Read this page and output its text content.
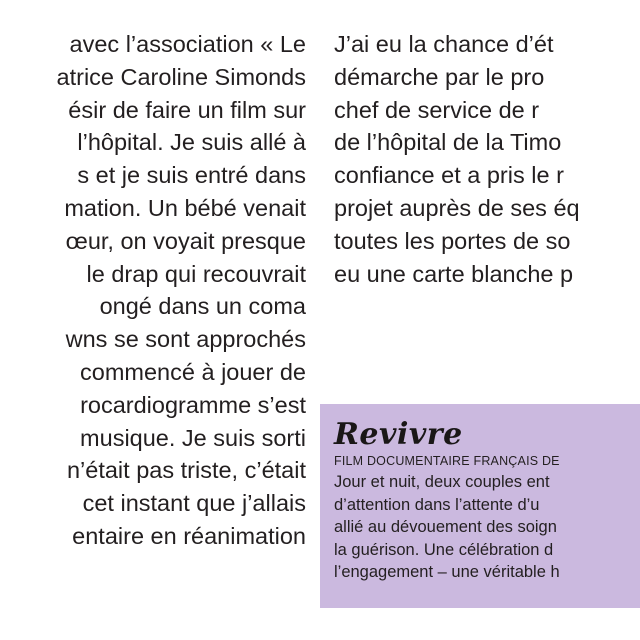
avec l’association « Le
atrice Caroline Simonds
ésir de faire un film sur
l’hôpital. Je suis allé à
s et je suis entré dans
mation. Un bébé venait
œur, on voyait presque
le drap qui recouvrait
ongé dans un coma
wns se sont approchés
commencé à jouer de
rocardiogramme s’est
musique. Je suis sorti
n’était pas triste, c’était
cet instant que j’allais
entaire en réanimation
J’ai eu la chance d’ét
démarche par le pro
chef de service de r
de l’hôpital de la Timo
confiance et a pris le r
projet auprès de ses éq
toutes les portes de so
eu une carte blanche p
Revivre
FILM DOCUMENTAIRE FRANÇAIS DE
Jour et nuit, deux couples ent
d’attention dans l’attente d’u
allié au dévouement des soign
la guérison. Une célébration d
l’engagement – une véritable h
